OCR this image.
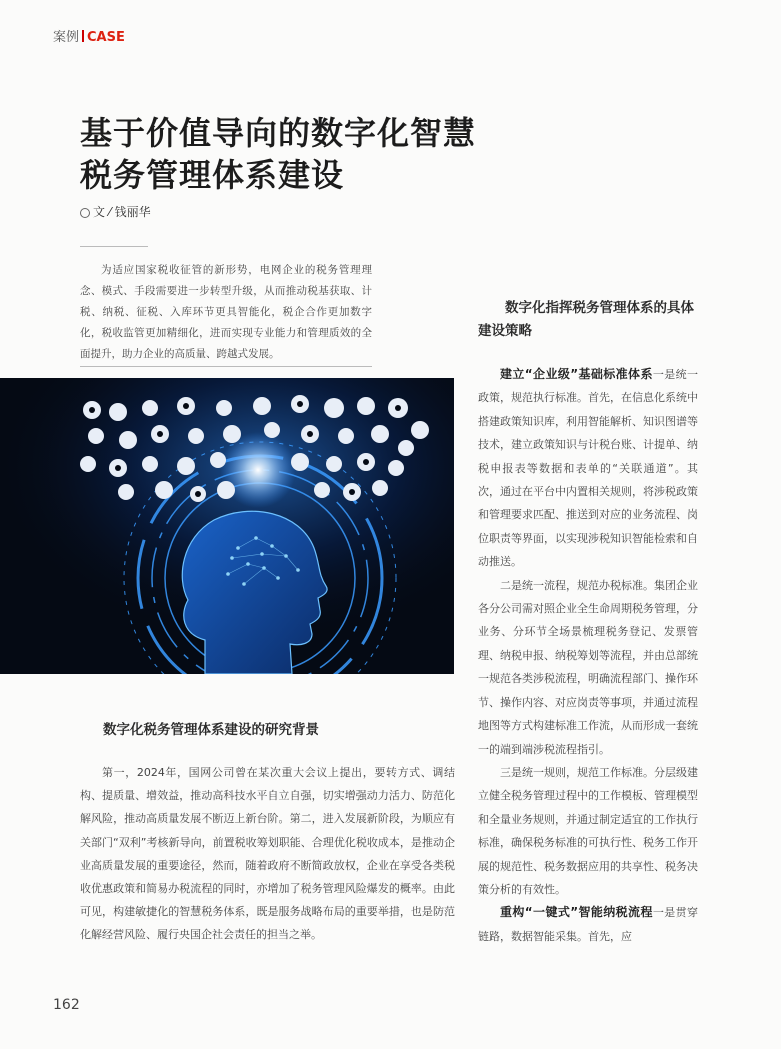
案例 CASE
基于价值导向的数字化智慧
税务管理体系建设
文 ⁄ 钱丽华
为适应国家税收征管的新形势，电网企业的税务管理理念、模式、手段需要进一步转型升级，从而推动税基获取、计税、纳税、征税、入库环节更具智能化，税企合作更加数字化，税收监管更加精细化，进而实现专业能力和管理质效的全面提升，助力企业的高质量、跨越式发展。
数字化税务管理体系建设的研究背景

第一，2024年，国网公司曾在某次重大会议上提出，要转方式、调结构、提质量、增效益，推动高科技水平自立自强，切实增强动力活力、防范化解风险，推动高质量发展不断迈上新台阶。第二，进入发展新阶段，为顺应有关部门“双利”考核新导向，前置税收筹划职能、合理优化税收成本，是推动企业高质量发展的重要途径，然而，随着政府不断简政放权，企业在享受各类税收优惠政策和简易办税流程的同时，亦增加了税务管理风险爆发的概率。由此可见，构建敏捷化的智慧税务体系，既是服务战略布局的重要举措，也是防范化解经营风险、履行央国企社会责任的担当之举。

数字化指挥税务管理体系的具体建设策略

建立“企业级”基础标准体系一是统一政策，规范执行标准。首先，在信息化系统中搭建政策知识库，利用智能解析、知识图谱等技术，建立政策知识与计税台账、计提单、纳税申报表等数据和表单的“关联通道”。其次，通过在平台中内置相关规则，将涉税政策和管理要求匹配、推送到对应的业务流程、岗位职责等界面，以实现涉税知识智能检索和自动推送。

二是统一流程，规范办税标准。集团企业各分公司需对照企业全生命周期税务管理，分业务、分环节全场景梳理税务登记、发票管理、纳税申报、纳税筹划等流程，并由总部统一规范各类涉税流程，明确流程部门、操作环节、操作内容、对应岗责等事项，并通过流程地图等方式构建标准工作流，从而形成一套统一的端到端涉税流程指引。

三是统一规则，规范工作标准。分层级建立健全税务管理过程中的工作模板、管理模型和全量业务规则，并通过制定适宜的工作执行标准，确保税务标准的可执行性、税务工作开展的规范性、税务数据应用的共享性、税务决策分析的有效性。

重构“一键式”智能纳税流程一是贯穿链路，数据智能采集。首先，应

162
